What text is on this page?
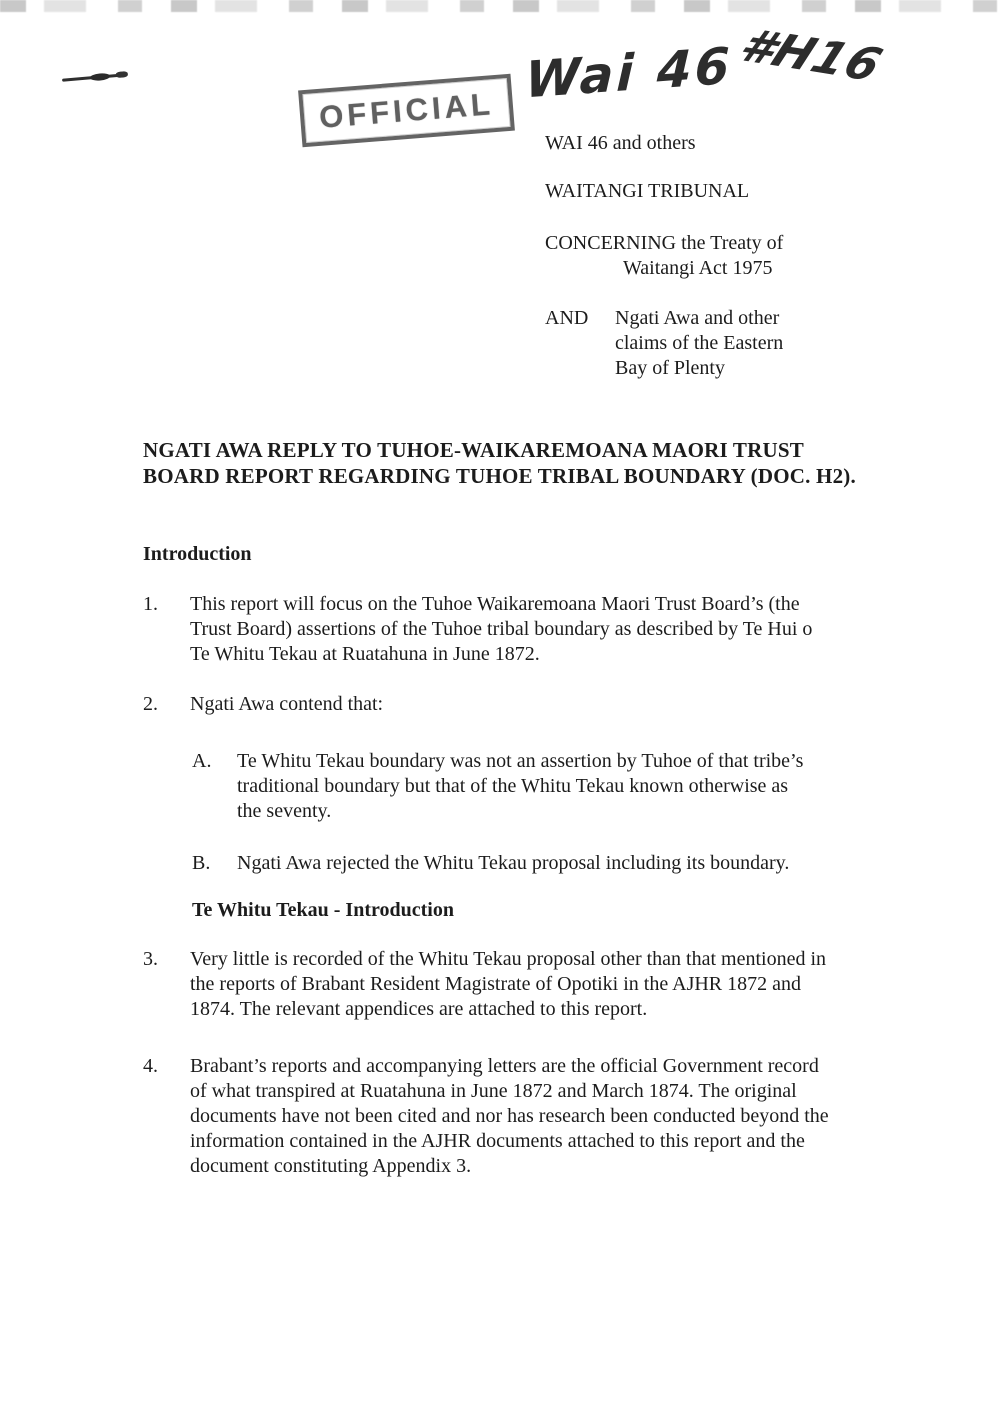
OFFICIAL
Wai 46
#H16
WAI 46 and others
WAITANGI TRIBUNAL
CONCERNING the Treaty of
Waitangi Act 1975
AND	Ngati Awa and other
claims of the Eastern
Bay of Plenty
NGATI AWA REPLY TO TUHOE-WAIKAREMOANA MAORI TRUST BOARD REPORT REGARDING TUHOE TRIBAL BOUNDARY (DOC. H2).
Introduction
1.	This report will focus on the Tuhoe Waikaremoana Maori Trust Board’s (the Trust Board) assertions of the Tuhoe tribal boundary as described by Te Hui o Te Whitu Tekau at Ruatahuna in June 1872.
2.	Ngati Awa contend that:
A.	Te Whitu Tekau boundary was not an assertion by Tuhoe of that tribe’s traditional boundary but that of the Whitu Tekau known otherwise as the seventy.
B.	Ngati Awa rejected the Whitu Tekau proposal including its boundary.
Te Whitu Tekau - Introduction
3.	Very little is recorded of the Whitu Tekau proposal other than that mentioned in the reports of Brabant Resident Magistrate of Opotiki in the AJHR 1872 and 1874. The relevant appendices are attached to this report.
4.	Brabant’s reports and accompanying letters are the official Government record of what transpired at Ruatahuna in June 1872 and March 1874. The original documents have not been cited and nor has research been conducted beyond the information contained in the AJHR documents attached to this report and the document constituting Appendix 3.
